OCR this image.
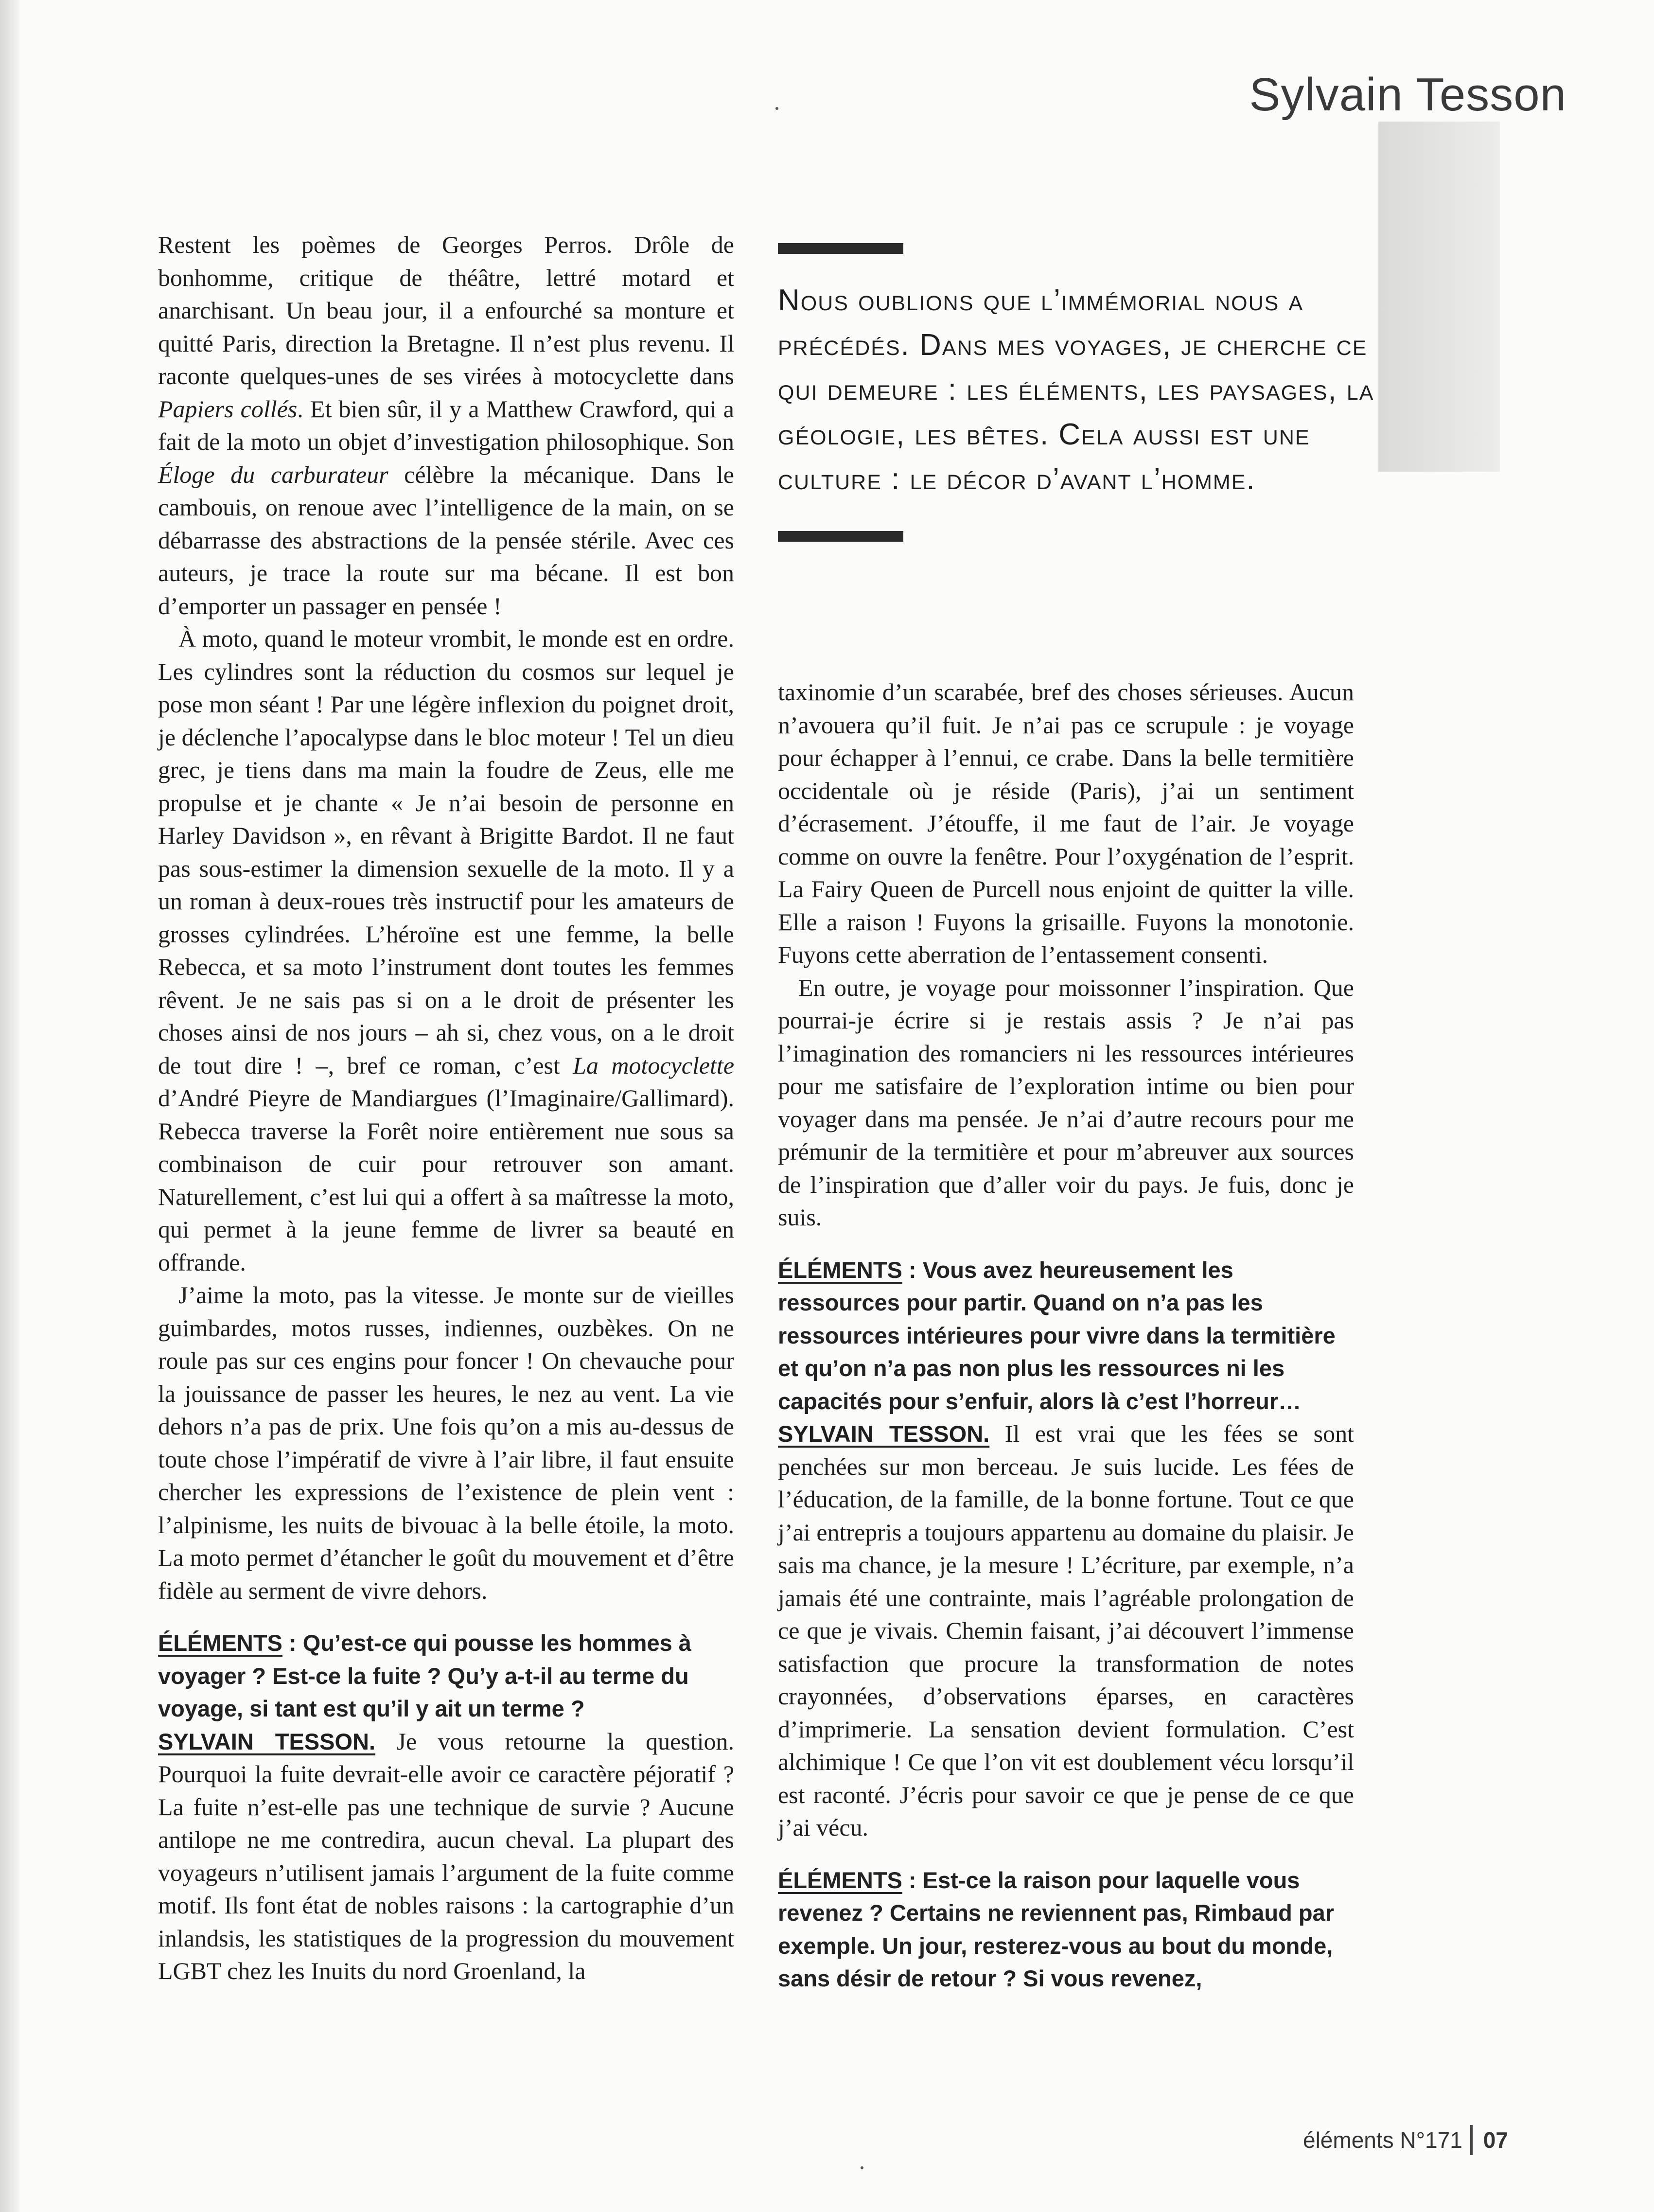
Sylvain Tesson

Restent les poèmes de Georges Perros. Drôle de bonhomme, critique de théâtre, lettré motard et anarchisant. Un beau jour, il a enfourché sa monture et quitté Paris, direction la Bretagne. Il n’est plus revenu. Il raconte quelques-unes de ses virées à motocyclette dans Papiers collés. Et bien sûr, il y a Matthew Crawford, qui a fait de la moto un objet d’investigation philosophique. Son Éloge du carburateur célèbre la mécanique. Dans le cambouis, on renoue avec l’intelligence de la main, on se débarrasse des abstractions de la pensée stérile. Avec ces auteurs, je trace la route sur ma bécane. Il est bon d’emporter un passager en pensée !

À moto, quand le moteur vrombit, le monde est en ordre. Les cylindres sont la réduction du cosmos sur lequel je pose mon séant ! Par une légère inflexion du poignet droit, je déclenche l’apocalypse dans le bloc moteur ! Tel un dieu grec, je tiens dans ma main la foudre de Zeus, elle me propulse et je chante « Je n’ai besoin de personne en Harley Davidson », en rêvant à Brigitte Bardot. Il ne faut pas sous-estimer la dimension sexuelle de la moto. Il y a un roman à deux-roues très instructif pour les amateurs de grosses cylindrées. L’héroïne est une femme, la belle Rebecca, et sa moto l’instrument dont toutes les femmes rêvent. Je ne sais pas si on a le droit de présenter les choses ainsi de nos jours – ah si, chez vous, on a le droit de tout dire ! –, bref ce roman, c’est La motocyclette d’André Pieyre de Mandiargues (l’Imaginaire/Gallimard). Rebecca traverse la Forêt noire entièrement nue sous sa combinaison de cuir pour retrouver son amant. Naturellement, c’est lui qui a offert à sa maîtresse la moto, qui permet à la jeune femme de livrer sa beauté en offrande.

J’aime la moto, pas la vitesse. Je monte sur de vieilles guimbardes, motos russes, indiennes, ouzbèkes. On ne roule pas sur ces engins pour foncer ! On chevauche pour la jouissance de passer les heures, le nez au vent. La vie dehors n’a pas de prix. Une fois qu’on a mis au-dessus de toute chose l’impératif de vivre à l’air libre, il faut ensuite chercher les expressions de l’existence de plein vent : l’alpinisme, les nuits de bivouac à la belle étoile, la moto. La moto permet d’étancher le goût du mouvement et d’être fidèle au serment de vivre dehors.

ÉLÉMENTS : Qu’est-ce qui pousse les hommes à voyager ? Est-ce la fuite ? Qu’y a-t-il au terme du voyage, si tant est qu’il y ait un terme ?

SYLVAIN TESSON. Je vous retourne la question. Pourquoi la fuite devrait-elle avoir ce caractère péjoratif ? La fuite n’est-elle pas une technique de survie ? Aucune antilope ne me contredira, aucun cheval. La plupart des voyageurs n’utilisent jamais l’argument de la fuite comme motif. Ils font état de nobles raisons : la cartographie d’un inlandsis, les statistiques de la progression du mouvement LGBT chez les Inuits du nord Groenland, la

Nous oublions que l’immémorial nous a précédés. Dans mes voyages, je cherche ce qui demeure : les éléments, les paysages, la géologie, les bêtes. Cela aussi est une culture : le décor d’avant l’homme.

taxinomie d’un scarabée, bref des choses sérieuses. Aucun n’avouera qu’il fuit. Je n’ai pas ce scrupule : je voyage pour échapper à l’ennui, ce crabe. Dans la belle termitière occidentale où je réside (Paris), j’ai un sentiment d’écrasement. J’étouffe, il me faut de l’air. Je voyage comme on ouvre la fenêtre. Pour l’oxygénation de l’esprit. La Fairy Queen de Purcell nous enjoint de quitter la ville. Elle a raison ! Fuyons la grisaille. Fuyons la monotonie. Fuyons cette aberration de l’entassement consenti.

En outre, je voyage pour moissonner l’inspiration. Que pourrai-je écrire si je restais assis ? Je n’ai pas l’imagination des romanciers ni les ressources intérieures pour me satisfaire de l’exploration intime ou bien pour voyager dans ma pensée. Je n’ai d’autre recours pour me prémunir de la termitière et pour m’abreuver aux sources de l’inspiration que d’aller voir du pays. Je fuis, donc je suis.

ÉLÉMENTS : Vous avez heureusement les ressources pour partir. Quand on n’a pas les ressources intérieures pour vivre dans la termitière et qu’on n’a pas non plus les ressources ni les capacités pour s’enfuir, alors là c’est l’horreur…

SYLVAIN TESSON. Il est vrai que les fées se sont penchées sur mon berceau. Je suis lucide. Les fées de l’éducation, de la famille, de la bonne fortune. Tout ce que j’ai entrepris a toujours appartenu au domaine du plaisir. Je sais ma chance, je la mesure ! L’écriture, par exemple, n’a jamais été une contrainte, mais l’agréable prolongation de ce que je vivais. Chemin faisant, j’ai découvert l’immense satisfaction que procure la transformation de notes crayonnées, d’observations éparses, en caractères d’imprimerie. La sensation devient formulation. C’est alchimique ! Ce que l’on vit est doublement vécu lorsqu’il est raconté. J’écris pour savoir ce que je pense de ce que j’ai vécu.

ÉLÉMENTS : Est-ce la raison pour laquelle vous revenez ? Certains ne reviennent pas, Rimbaud par exemple. Un jour, resterez-vous au bout du monde, sans désir de retour ? Si vous revenez,

éléments N°171 07
